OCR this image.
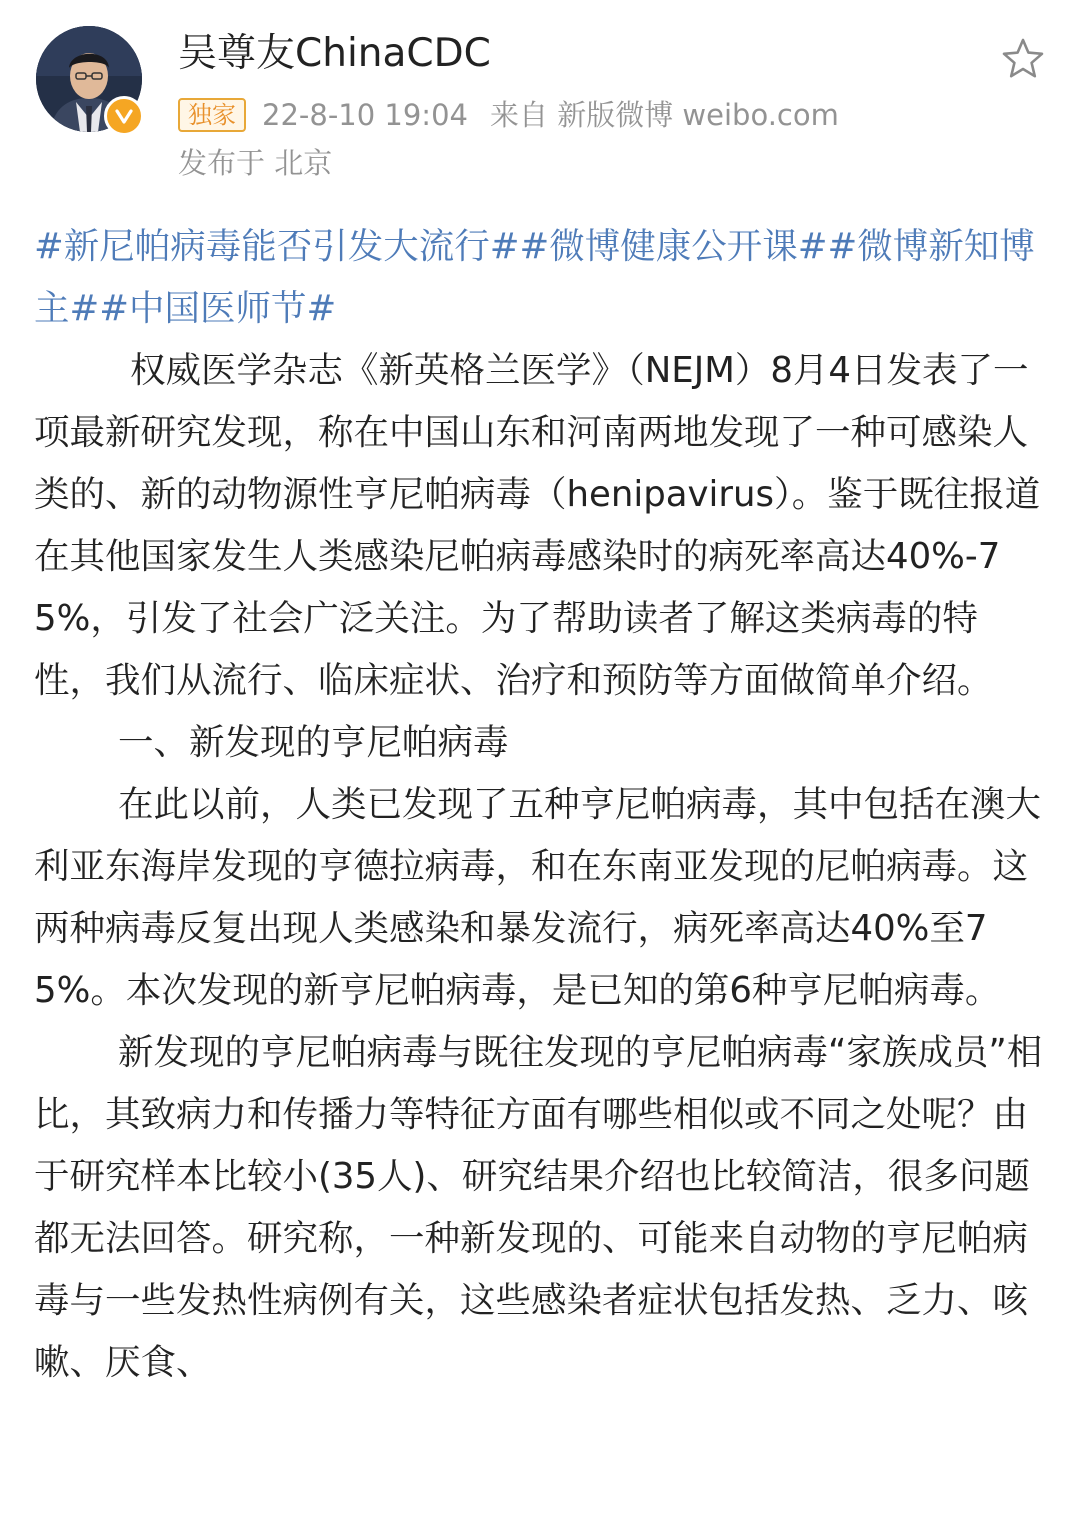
吴尊友ChinaCDC
独家 22-8-10 19:04 来自
新版微博 weibo.com
发布于 北京

#新尼帕病毒能否引发大流行##微博健康公开课##微博新知博主##中国医师节#

权威医学杂志《新英格兰医学》（NEJM）8月4日发表了一项最新研究发现，称在中国山东和河南两地发现了一种可感染人类的、新的动物源性亨尼帕病毒（henipavirus）。鉴于既往报道在其他国家发生人类感染尼帕病毒感染时的病死率高达40%-75%，引发了社会广泛关注。为了帮助读者了解这类病毒的特性，我们从流行、临床症状、治疗和预防等方面做简单介绍。

一、新发现的亨尼帕病毒

在此以前，人类已发现了五种亨尼帕病毒，其中包括在澳大利亚东海岸发现的亨德拉病毒，和在东南亚发现的尼帕病毒。这两种病毒反复出现人类感染和暴发流行，病死率高达40%至75%。本次发现的新亨尼帕病毒，是已知的第6种亨尼帕病毒。

新发现的亨尼帕病毒与既往发现的亨尼帕病毒“家族成员”相比，其致病力和传播力等特征方面有哪些相似或不同之处呢？由于研究样本比较小(35人)、研究结果介绍也比较简洁，很多问题都无法回答。研究称，一种新发现的、可能来自动物的亨尼帕病毒与一些发热性病例有关，这些感染者症状包括发热、乏力、咳嗽、厌食、
